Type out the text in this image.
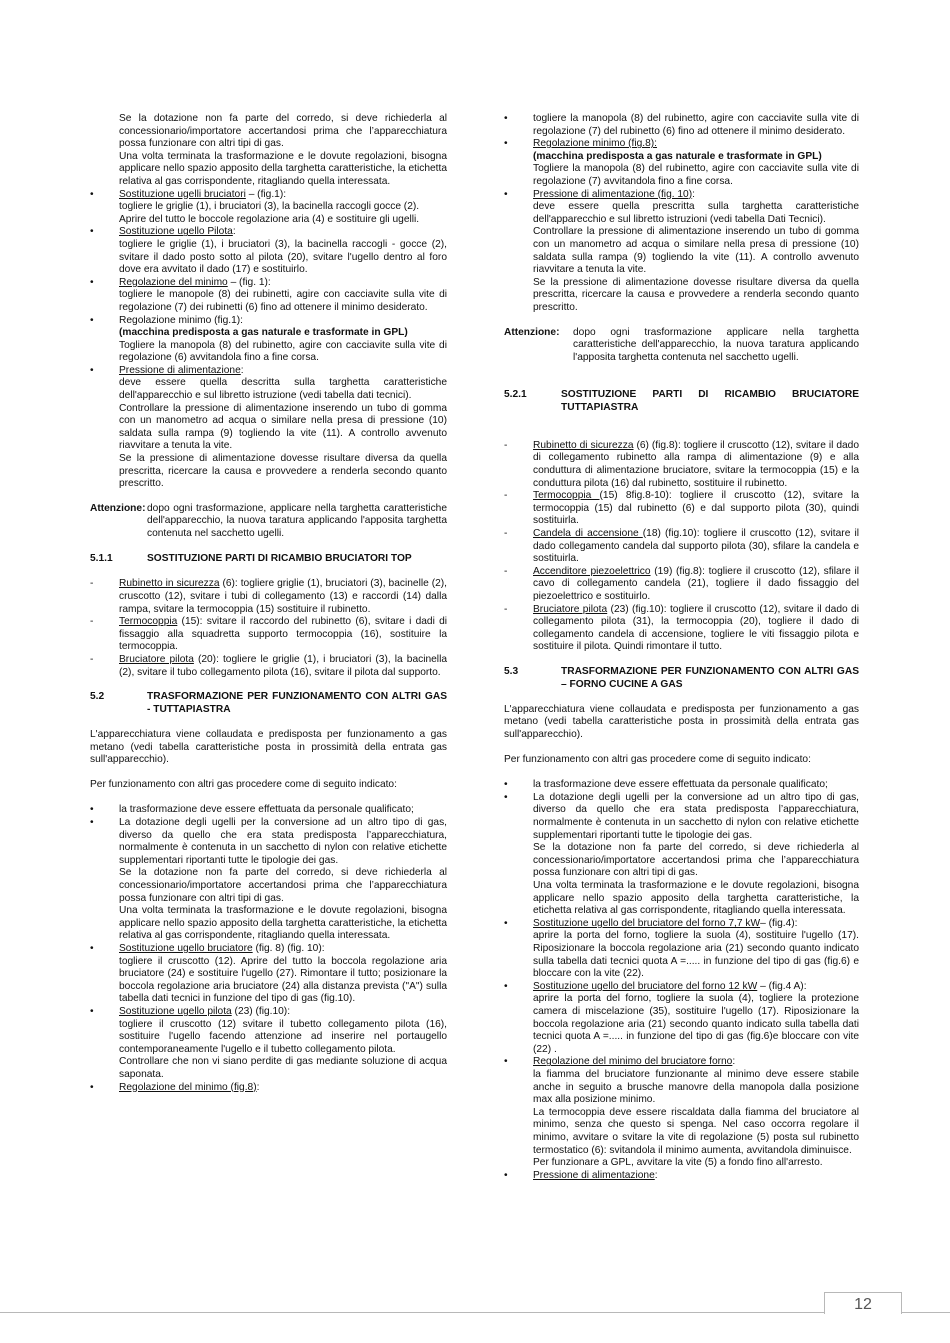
Se la dotazione non fa parte del corredo, si deve richiederla al concessionario/importatore accertandosi prima che l’apparecchiatura possa funzionare con altri tipi di gas.

Una volta terminata la trasformazione e le dovute regolazioni, bisogna applicare nello spazio apposito della targhetta caratteristiche, la etichetta relativa al gas corrispondente, ritagliando quella interessata.

• Sostituzione ugelli bruciatori – (fig.1):
togliere le griglie (1), i bruciatori (3), la bacinella raccogli gocce (2).
Aprire del tutto le boccole regolazione aria (4) e sostituire gli ugelli.
• Sostituzione ugello Pilota:
togliere le griglie (1), i bruciatori (3), la bacinella raccogli - gocce (2), svitare il dado posto sotto al pilota (20), svitare l'ugello dentro al foro dove era avvitato il dado (17) e sostituirlo.
• Regolazione del minimo – (fig. 1):
togliere le manopole (8) dei rubinetti, agire con cacciavite sulla vite di regolazione (7) dei rubinetti (6) fino ad ottenere il minimo desiderato.
• Regolazione minimo (fig.1):
(macchina predisposta a gas naturale e trasformate in GPL)
Togliere la manopola (8) del rubinetto, agire con cacciavite sulla vite di regolazione (6) avvitandola fino a fine corsa.
• Pressione di alimentazione:
deve essere quella descritta sulla targhetta caratteristiche dell'apparecchio e sul libretto istruzione (vedi tabella dati tecnici).
Controllare la pressione di alimentazione inserendo un tubo di gomma con un manometro ad acqua o similare nella presa di pressione (10) saldata sulla rampa (9) togliendo la vite (11). A controllo avvenuto riavvitare a tenuta la vite.
Se la pressione di alimentazione dovesse risultare diversa da quella prescritta, ricercare la causa e provvedere a renderla secondo quanto prescritto.
Attenzione: dopo ogni trasformazione, applicare nella targhetta caratteristiche dell'apparecchio, la nuova taratura applicando l'apposita targhetta contenuta nel sacchetto ugelli.
5.1.1	SOSTITUZIONE PARTI DI RICAMBIO BRUCIATORI TOP
- Rubinetto in sicurezza (6): togliere griglie (1), bruciatori (3), bacinelle (2), cruscotto (12), svitare i tubi di collegamento (13) e raccordi (14) dalla rampa, svitare la termocoppia (15) sostituire il rubinetto.
- Termocoppia (15): svitare il raccordo del rubinetto (6), svitare i dadi di fissaggio alla squadretta supporto termocoppia (16), sostituire la termocoppia.
- Bruciatore pilota (20): togliere le griglie (1), i bruciatori (3), la bacinella (2), svitare il tubo collegamento pilota (16), svitare il pilota dal supporto.
5.2	TRASFORMAZIONE PER FUNZIONAMENTO CON ALTRI GAS - TUTTAPIASTRA

L'apparecchiatura viene collaudata e predisposta per funzionamento a gas metano (vedi tabella caratteristiche posta in prossimità della entrata gas sull'apparecchio).

Per funzionamento con altri gas procedere come di seguito indicato:

• la trasformazione deve essere effettuata da personale qualificato;
• La dotazione degli ugelli per la conversione ad un altro tipo di gas, diverso da quello che era stata predisposta l’apparecchiatura, normalmente è contenuta in un sacchetto di nylon con relative etichette supplementari riportanti tutte le tipologie dei gas.
Se la dotazione non fa parte del corredo, si deve richiederla al concessionario/importatore accertandosi prima che l’apparecchiatura possa funzionare con altri tipi di gas.
Una volta terminata la trasformazione e le dovute regolazioni, bisogna applicare nello spazio apposito della targhetta caratteristiche, la etichetta relativa al gas corrispondente, ritagliando quella interessata.
• Sostituzione ugello bruciatore (fig. 8) (fig. 10):
togliere il cruscotto (12). Aprire del tutto la boccola regolazione aria bruciatore (24) e sostituire l'ugello (27). Rimontare il tutto; posizionare la boccola regolazione aria bruciatore (24) alla distanza prevista ("A") sulla tabella dati tecnici in funzione del tipo di gas (fig.10).
• Sostituzione ugello pilota (23) (fig.10):
togliere il cruscotto (12) svitare il tubetto collegamento pilota (16), sostituire l'ugello facendo attenzione ad inserire nel portaugello contemporaneamente l'ugello e il tubetto collegamento pilota.
Controllare che non vi siano perdite di gas mediante soluzione di acqua saponata.
• Regolazione del minimo (fig.8):
• togliere la manopola (8) del rubinetto, agire con cacciavite sulla vite di regolazione (7) del rubinetto (6) fino ad ottenere il minimo desiderato.
• Regolazione minimo (fig.8):
(macchina predisposta a gas naturale e trasformate in GPL)
Togliere la manopola (8) del rubinetto, agire con cacciavite sulla vite di regolazione (7) avvitandola fino a fine corsa.
• Pressione di alimentazione (fig. 10):
deve essere quella prescritta sulla targhetta caratteristiche dell'apparecchio e sul libretto istruzioni (vedi tabella Dati Tecnici).
Controllare la pressione di alimentazione inserendo un tubo di gomma con un manometro ad acqua o similare nella presa di pressione (10) saldata sulla rampa (9) togliendo la vite (11). A controllo avvenuto riavvitare a tenuta la vite.
Se la pressione di alimentazione dovesse risultare diversa da quella prescritta, ricercare la causa e provvedere a renderla secondo quanto prescritto.
Attenzione:	dopo ogni trasformazione applicare nella targhetta caratteristiche dell'apparecchio, la nuova taratura applicando l'apposita targhetta contenuta nel sacchetto ugelli.
5.2.1	SOSTITUZIONE PARTI DI RICAMBIO BRUCIATORE TUTTAPIASTRA
- Rubinetto di sicurezza (6) (fig.8): togliere il cruscotto (12), svitare il dado di collegamento rubinetto alla rampa di alimentazione (9) e alla conduttura di alimentazione bruciatore, svitare la termocoppia (15) e la conduttura pilota (16) dal rubinetto, sostituire il rubinetto.
- Termocoppia (15) 8fig.8-10): togliere il cruscotto (12), svitare la termocoppia (15) dal rubinetto (6) e dal supporto pilota (30), quindi sostituirla.
- Candela di accensione (18) (fig.10): togliere il cruscotto (12), svitare il dado collegamento candela dal supporto pilota (30), sfilare la candela e sostituirla.
- Accenditore piezoelettrico (19) (fig.8): togliere il cruscotto (12), sfilare il cavo di collegamento candela (21), togliere il dado fissaggio del piezoelettrico e sostituirlo.
- Bruciatore pilota (23) (fig.10): togliere il cruscotto (12), svitare il dado di collegamento pilota (31), la termocoppia (20), togliere il dado di collegamento candela di accensione, togliere le viti fissaggio pilota e sostituire il pilota. Quindi rimontare il tutto.
5.3	TRASFORMAZIONE PER FUNZIONAMENTO CON ALTRI GAS – FORNO CUCINE A GAS

L'apparecchiatura viene collaudata e predisposta per funzionamento a gas metano (vedi tabella caratteristiche posta in prossimità della entrata gas sull'apparecchio).

Per funzionamento con altri gas procedere come di seguito indicato:

• la trasformazione deve essere effettuata da personale qualificato;
• La dotazione degli ugelli per la conversione ad un altro tipo di gas, diverso da quello che era stata predisposta l’apparecchiatura, normalmente è contenuta in un sacchetto di nylon con relative etichette supplementari riportanti tutte le tipologie dei gas.
Se la dotazione non fa parte del corredo, si deve richiederla al concessionario/importatore accertandosi prima che l’apparecchiatura possa funzionare con altri tipi di gas.
Una volta terminata la trasformazione e le dovute regolazioni, bisogna applicare nello spazio apposito della targhetta caratteristiche, la etichetta relativa al gas corrispondente, ritagliando quella interessata.
• Sostituzione ugello del bruciatore del forno 7,7 kW– (fig.4):
aprire la porta del forno, togliere la suola (4), sostituire l'ugello (17). Riposizionare la boccola regolazione aria (21) secondo quanto indicato sulla tabella dati tecnici quota A =..... in funzione del tipo di gas (fig.6) e bloccare con la vite (22).
• Sostituzione ugello del bruciatore del forno 12 kW – (fig.4 A):
aprire la porta del forno, togliere la suola (4), togliere la protezione camera di miscelazione (35), sostituire l'ugello (17). Riposizionare la boccola regolazione aria (21) secondo quanto indicato sulla tabella dati tecnici quota A =..... in funzione del tipo di gas (fig.6)e bloccare con vite (22) .
• Regolazione del minimo del bruciatore forno:
la fiamma del bruciatore funzionante al minimo deve essere stabile anche in seguito a brusche manovre della manopola dalla posizione max alla posizione minimo.
La termocoppia deve essere riscaldata dalla fiamma del bruciatore al minimo, senza che questo si spenga. Nel caso occorra regolare il minimo, avvitare o svitare la vite di regolazione (5) posta sul rubinetto termostatico (6): svitandola il minimo aumenta, avvitandola diminuisce.
Per funzionare a GPL, avvitare la vite (5) a fondo fino all'arresto.
• Pressione di alimentazione:
12
